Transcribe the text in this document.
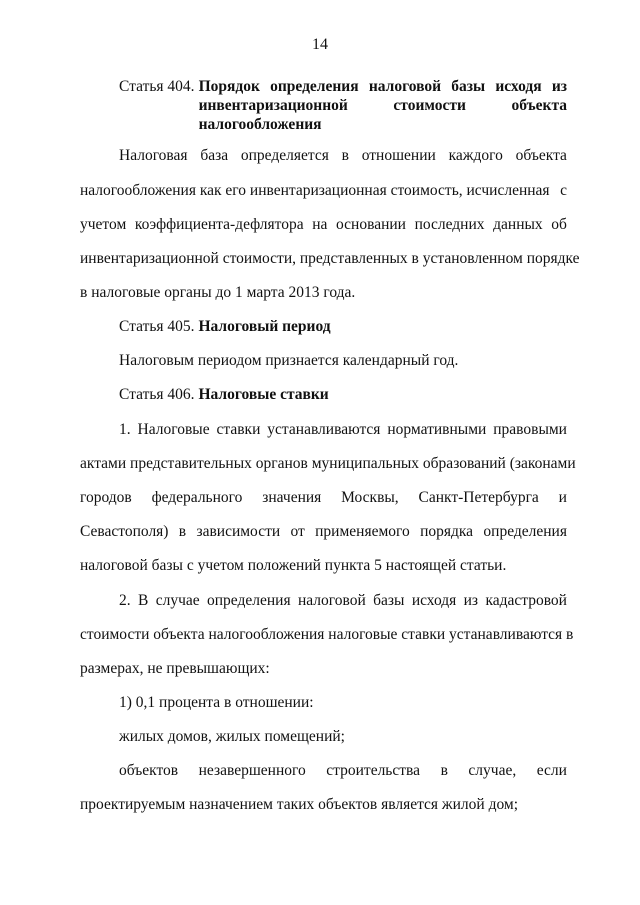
14
Статья 404. Порядок определения налоговой базы исходя из инвентаризационной стоимости объекта налогообложения
Налоговая база определяется в отношении каждого объекта
налогообложения как его инвентаризационная стоимость, исчисленная с
учетом коэффициента-дефлятора на основании последних данных об
инвентаризационной стоимости, представленных в установленном порядке
в налоговые органы до 1 марта 2013 года.
Статья 405. Налоговый период
Налоговым периодом признается календарный год.
Статья 406. Налоговые ставки
1. Налоговые ставки устанавливаются нормативными правовыми
актами представительных органов муниципальных образований (законами
городов федерального значения Москвы, Санкт-Петербурга и
Севастополя) в зависимости от применяемого порядка определения
налоговой базы с учетом положений пункта 5 настоящей статьи.
2. В случае определения налоговой базы исходя из кадастровой
стоимости объекта налогообложения налоговые ставки устанавливаются в
размерах, не превышающих:
1) 0,1 процента в отношении:
жилых домов, жилых помещений;
объектов незавершенного строительства в случае, если
проектируемым назначением таких объектов является жилой дом;
